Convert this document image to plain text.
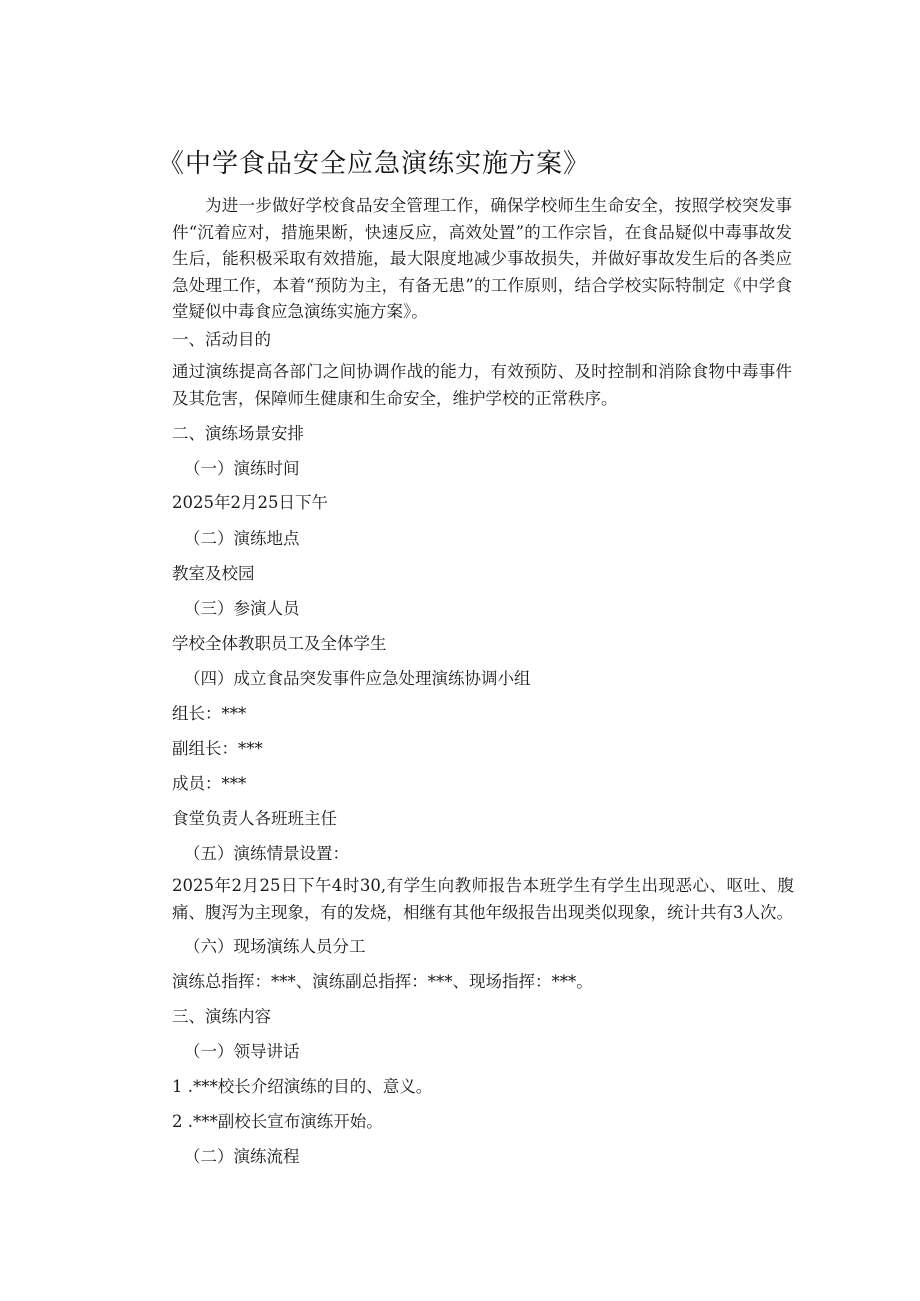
《中学食品安全应急演练实施方案》
为进一步做好学校食品安全管理工作，确保学校师生生命安全，按照学校突发事件“沉着应对，措施果断，快速反应，高效处置”的工作宗旨，在食品疑似中毒事故发生后，能积极采取有效措施，最大限度地减少事故损失，并做好事故发生后的各类应急处理工作，本着“预防为主，有备无患”的工作原则，结合学校实际特制定《中学食堂疑似中毒食应急演练实施方案》。
一、活动目的
通过演练提高各部门之间协调作战的能力，有效预防、及时控制和消除食物中毒事件及其危害，保障师生健康和生命安全，维护学校的正常秩序。
二、演练场景安排
（一）演练时间
2025年2月25日下午
（二）演练地点
教室及校园
（三）参演人员
学校全体教职员工及全体学生
（四）成立食品突发事件应急处理演练协调小组
组长：***
副组长：***
成员：***
食堂负责人各班班主任
（五）演练情景设置：
2025年2月25日下午4时30,有学生向教师报告本班学生有学生出现恶心、呕吐、腹痛、腹泻为主现象，有的发烧，相继有其他年级报告出现类似现象，统计共有3人次。
（六）现场演练人员分工
演练总指挥：***、演练副总指挥：***、现场指挥：***。
三、演练内容
（一）领导讲话
1 .***校长介绍演练的目的、意义。
2 .***副校长宣布演练开始。
（二）演练流程
